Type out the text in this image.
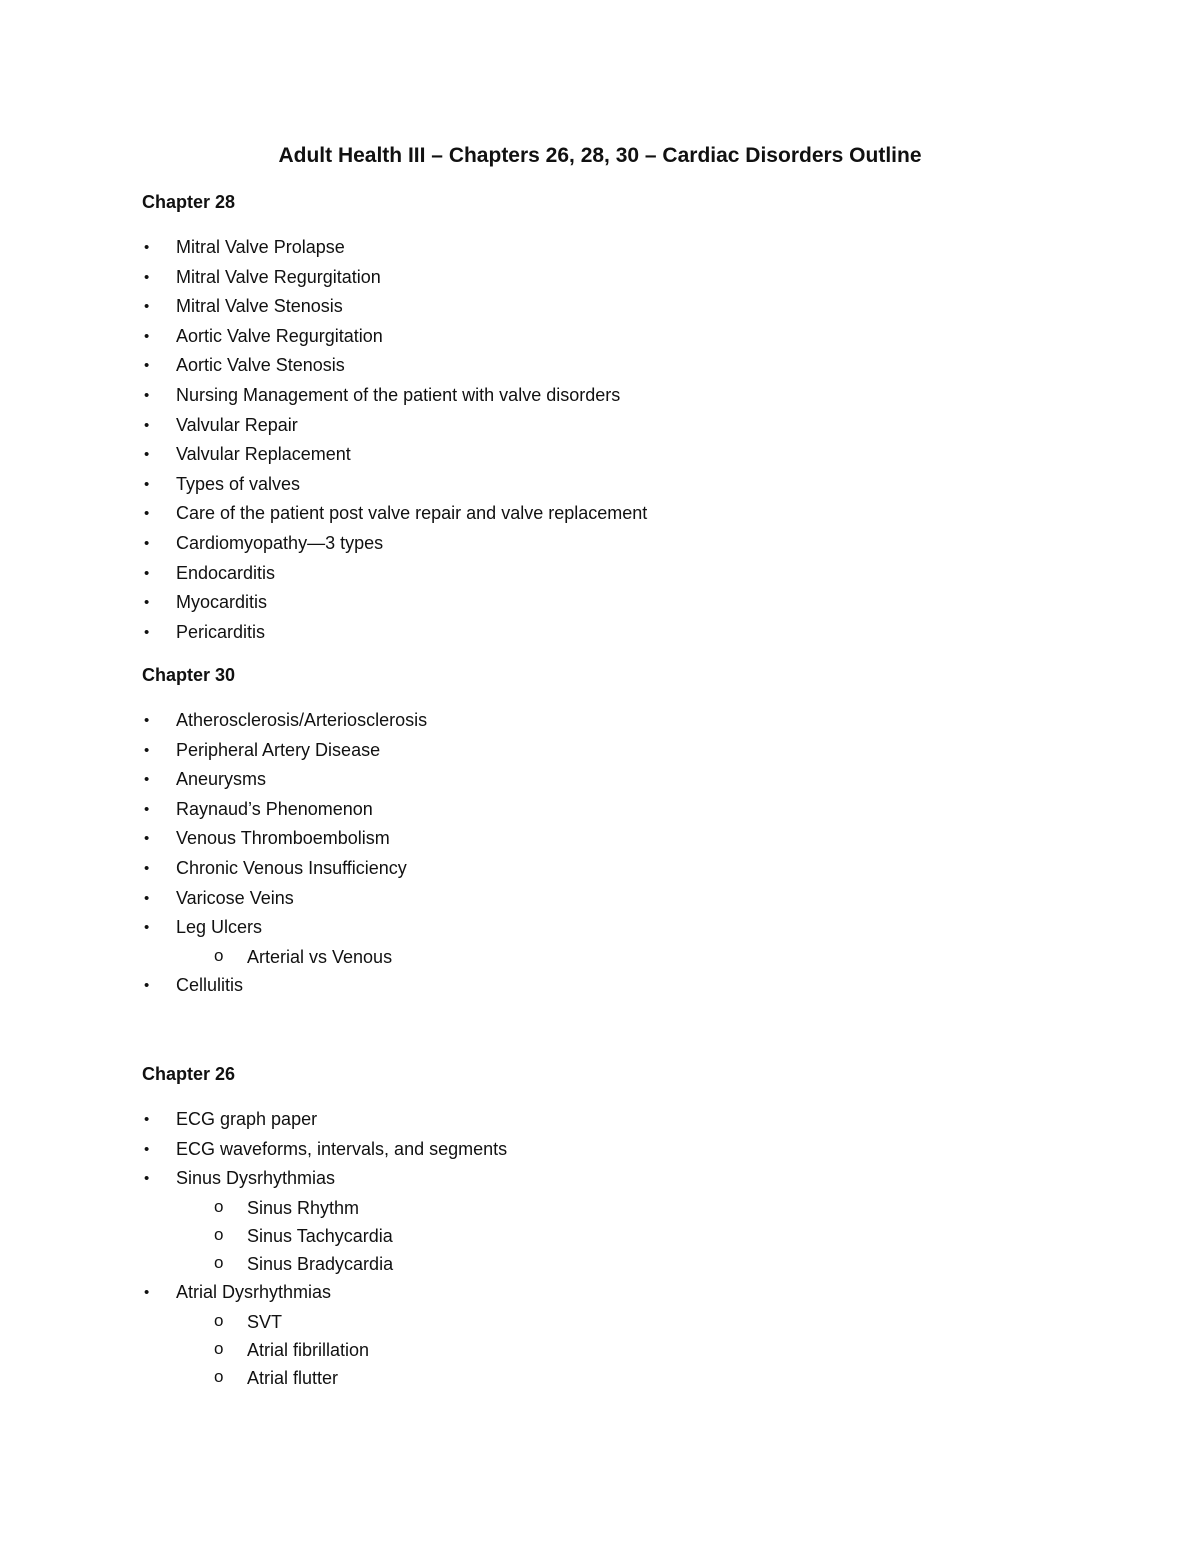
Adult Health III – Chapters 26, 28, 30 – Cardiac Disorders Outline
Chapter 28
•	Mitral Valve Prolapse
•	Mitral Valve Regurgitation
•	Mitral Valve Stenosis
•	Aortic Valve Regurgitation
•	Aortic Valve Stenosis
•	Nursing Management of the patient with valve disorders
•	Valvular Repair
•	Valvular Replacement
•	Types of valves
•	Care of the patient post valve repair and valve replacement
•	Cardiomyopathy—3 types
•	Endocarditis
•	Myocarditis
•	Pericarditis
Chapter 30
•	Atherosclerosis/Arteriosclerosis
•	Peripheral Artery Disease
•	Aneurysms
•	Raynaud’s Phenomenon
•	Venous Thromboembolism
•	Chronic Venous Insufficiency
•	Varicose Veins
•	Leg Ulcers
o Arterial vs Venous
•	Cellulitis
Chapter 26
•	ECG graph paper
•	ECG waveforms, intervals, and segments
•	Sinus Dysrhythmias
o Sinus Rhythm
o Sinus Tachycardia
o Sinus Bradycardia
•	Atrial Dysrhythmias
o SVT
o Atrial fibrillation
o Atrial flutter
